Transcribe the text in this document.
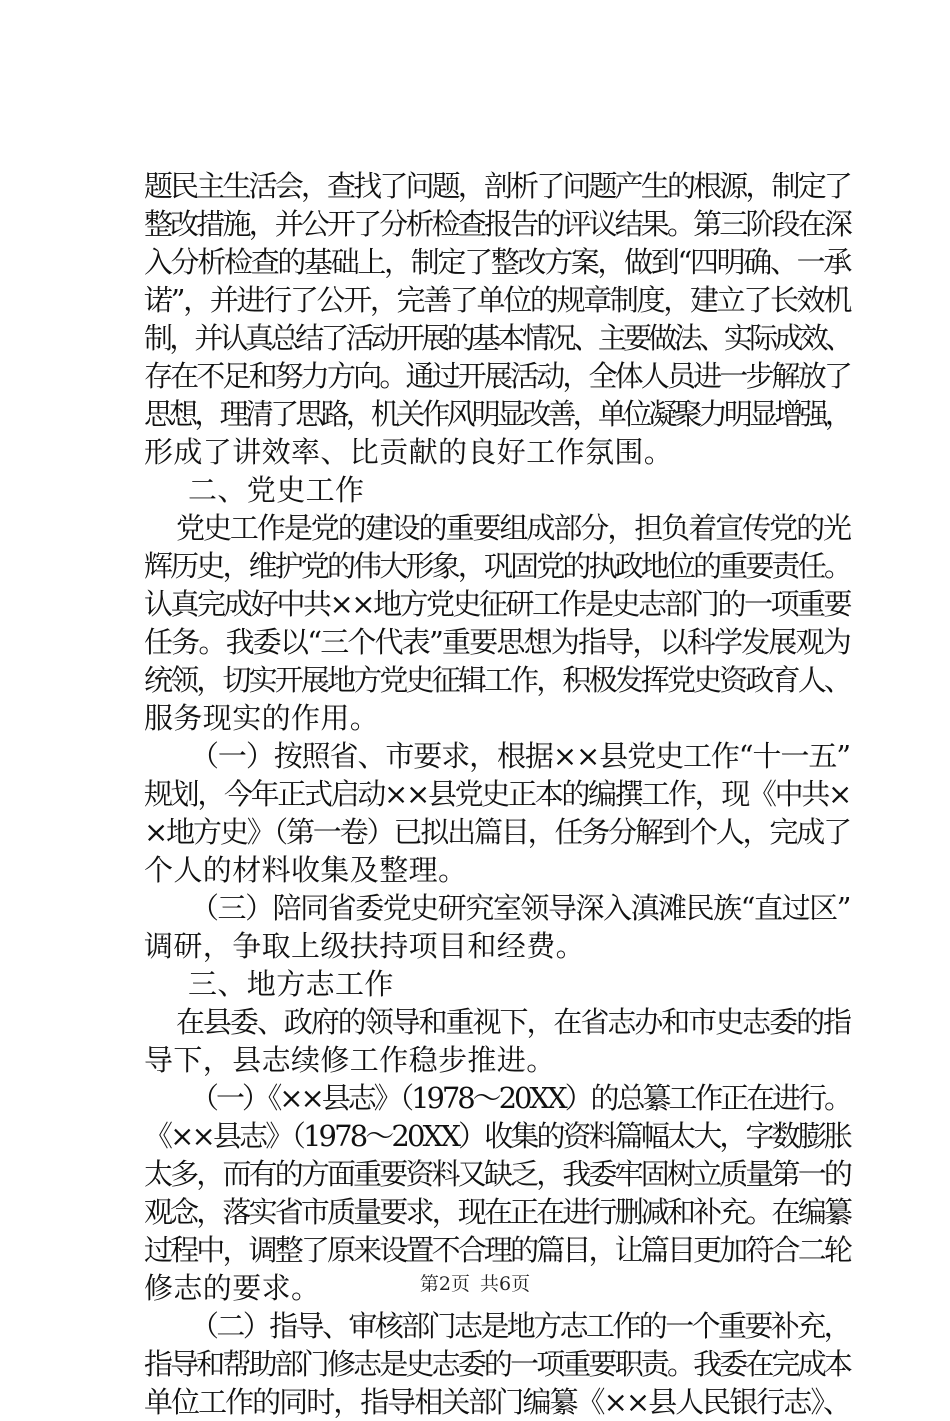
题民主生活会，查找了问题，剖析了问题产生的根源，制定了
整改措施，并公开了分析检查报告的评议结果。第三阶段在深
入分析检查的基础上，制定了整改方案，做到“四明确、一承
诺”，并进行了公开，完善了单位的规章制度，建立了长效机
制，并认真总结了活动开展的基本情况、主要做法、实际成效、
存在不足和努力方向。通过开展活动，全体人员进一步解放了
思想，理清了思路，机关作风明显改善，单位凝聚力明显增强，
形成了讲效率、比贡献的良好工作氛围。
二、党史工作
党史工作是党的建设的重要组成部分，担负着宣传党的光
辉历史，维护党的伟大形象，巩固党的执政地位的重要责任。
认真完成好中共××地方党史征研工作是史志部门的一项重要
任务。我委以“三个代表”重要思想为指导，以科学发展观为
统领，切实开展地方党史征辑工作，积极发挥党史资政育人、
服务现实的作用。
（一）按照省、市要求，根据××县党史工作“十一五”
规划，今年正式启动××县党史正本的编撰工作，现《中共×
×地方史》（第一卷）已拟出篇目，任务分解到个人，完成了
个人的材料收集及整理。
（三）陪同省委党史研究室领导深入滇滩民族“直过区”
调研，争取上级扶持项目和经费。
三、地方志工作
在县委、政府的领导和重视下，在省志办和市史志委的指
导下，县志续修工作稳步推进。
（一）《××县志》（1978～20XX）的总纂工作正在进行。
《××县志》（1978～20XX）收集的资料篇幅太大，字数膨胀
太多，而有的方面重要资料又缺乏，我委牢固树立质量第一的
观念，落实省市质量要求，现在正在进行删减和补充。在编纂
过程中，调整了原来设置不合理的篇目，让篇目更加符合二轮
修志的要求。
（二）指导、审核部门志是地方志工作的一个重要补充，
指导和帮助部门修志是史志委的一项重要职责。我委在完成本
单位工作的同时，指导相关部门编纂《××县人民银行志》、
第2页 共6页
